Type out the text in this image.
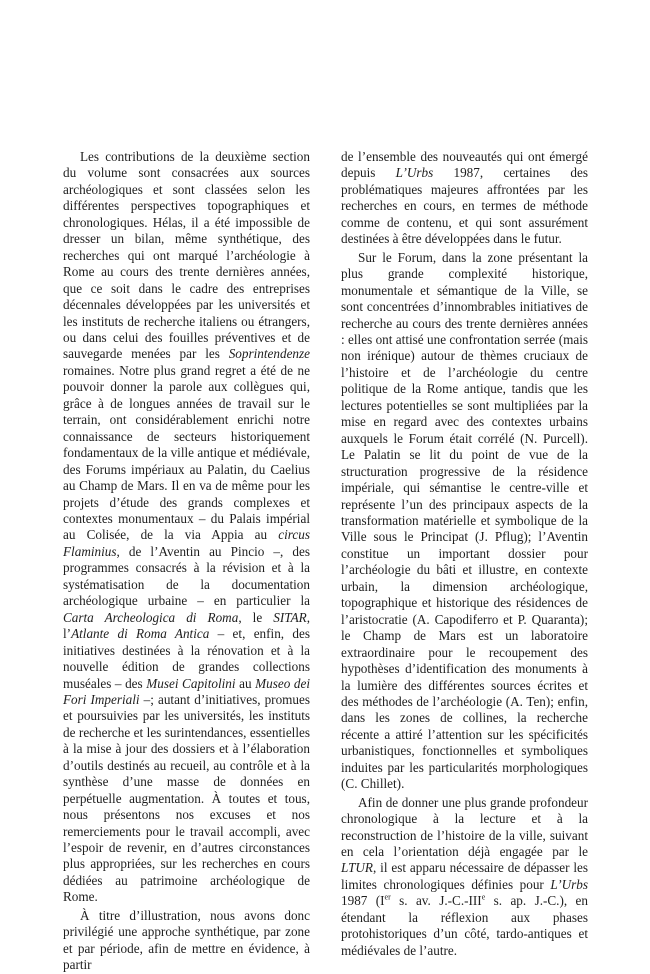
Les contributions de la deuxième section du volume sont consacrées aux sources archéologiques et sont classées selon les différentes perspectives topographiques et chronologiques. Hélas, il a été impossible de dresser un bilan, même synthétique, des recherches qui ont marqué l’archéologie à Rome au cours des trente dernières années, que ce soit dans le cadre des entreprises décennales développées par les universités et les instituts de recherche italiens ou étrangers, ou dans celui des fouilles préventives et de sauvegarde menées par les Soprintendenze romaines. Notre plus grand regret a été de ne pouvoir donner la parole aux collègues qui, grâce à de longues années de travail sur le terrain, ont considérablement enrichi notre connaissance de secteurs historiquement fondamentaux de la ville antique et médiévale, des Forums impériaux au Palatin, du Caelius au Champ de Mars. Il en va de même pour les projets d’étude des grands complexes et contextes monumentaux – du Palais impérial au Colisée, de la via Appia au circus Flaminius, de l’Aventin au Pincio –, des programmes consacrés à la révision et à la systématisation de la documentation archéologique urbaine – en particulier la Carta Archeologica di Roma, le SITAR, l’Atlante di Roma Antica – et, enfin, des initiatives destinées à la rénovation et à la nouvelle édition de grandes collections muséales – des Musei Capitolini au Museo dei Fori Imperiali –; autant d’initiatives, promues et poursuivies par les universités, les instituts de recherche et les surintendances, essentielles à la mise à jour des dossiers et à l’élaboration d’outils destinés au recueil, au contrôle et à la synthèse d’une masse de données en perpétuelle augmentation. À toutes et tous, nous présentons nos excuses et nos remerciements pour le travail accompli, avec l’espoir de revenir, en d’autres circonstances plus appropriées, sur les recherches en cours dédiées au patrimoine archéologique de Rome.

À titre d’illustration, nous avons donc privilégié une approche synthétique, par zone et par période, afin de mettre en évidence, à partir

de l’ensemble des nouveautés qui ont émergé depuis L’Urbs 1987, certaines des problématiques majeures affrontées par les recherches en cours, en termes de méthode comme de contenu, et qui sont assurément destinées à être développées dans le futur.

Sur le Forum, dans la zone présentant la plus grande complexité historique, monumentale et sémantique de la Ville, se sont concentrées d’innombrables initiatives de recherche au cours des trente dernières années : elles ont attisé une confrontation serrée (mais non irénique) autour de thèmes cruciaux de l’histoire et de l’archéologie du centre politique de la Rome antique, tandis que les lectures potentielles se sont multipliées par la mise en regard avec des contextes urbains auxquels le Forum était corrélé (N. Purcell). Le Palatin se lit du point de vue de la structuration progressive de la résidence impériale, qui sémantise le centre-ville et représente l’un des principaux aspects de la transformation matérielle et symbolique de la Ville sous le Principat (J. Pflug); l’Aventin constitue un important dossier pour l’archéologie du bâti et illustre, en contexte urbain, la dimension archéologique, topographique et historique des résidences de l’aristocratie (A. Capodiferro et P. Quaranta); le Champ de Mars est un laboratoire extraordinaire pour le recoupement des hypothèses d’identification des monuments à la lumière des différentes sources écrites et des méthodes de l’archéologie (A. Ten); enfin, dans les zones de collines, la recherche récente a attiré l’attention sur les spécificités urbanistiques, fonctionnelles et symboliques induites par les particularités morphologiques (C. Chillet).

Afin de donner une plus grande profondeur chronologique à la lecture et à la reconstruction de l’histoire de la ville, suivant en cela l’orientation déjà engagée par le LTUR, il est apparu nécessaire de dépasser les limites chronologiques définies pour L’Urbs 1987 (Ier s. av. J.-C.-IIIe s. ap. J.-C.), en étendant la réflexion aux phases protohistoriques d’un côté, tardo-antiques et médiévales de l’autre.
